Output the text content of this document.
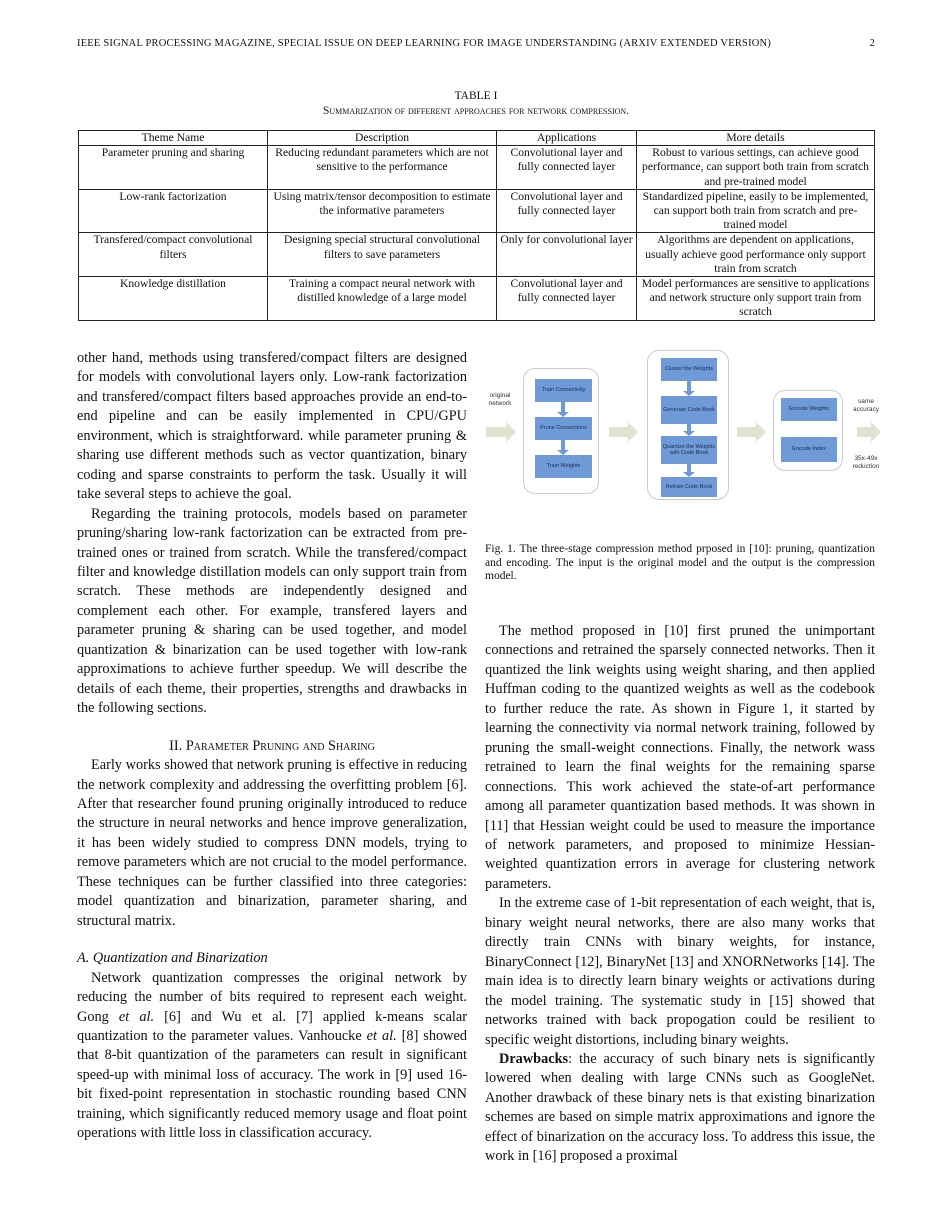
IEEE SIGNAL PROCESSING MAGAZINE, SPECIAL ISSUE ON DEEP LEARNING FOR IMAGE UNDERSTANDING (ARXIV EXTENDED VERSION)	2
TABLE I
Summarization of different approaches for network compression.
Theme Name	Description	Applications	More details
Parameter pruning and sharing	Reducing redundant parameters which are not sensitive to the performance	Convolutional layer and fully connected layer	Robust to various settings, can achieve good performance, can support both train from scratch and pre-trained model
Low-rank factorization	Using matrix/tensor decomposition to estimate the informative parameters	Convolutional layer and fully connected layer	Standardized pipeline, easily to be implemented, can support both train from scratch and pre-trained model
Transfered/compact convolutional filters	Designing special structural convolutional filters to save parameters	Only for convolutional layer	Algorithms are dependent on applications, usually achieve good performance only support train from scratch
Knowledge distillation	Training a compact neural network with distilled knowledge of a large model	Convolutional layer and fully connected layer	Model performances are sensitive to applications and network structure only support train from scratch

other hand, methods using transfered/compact filters are designed for models with convolutional layers only. Low-rank factorization and transfered/compact filters based approaches provide an end-to-end pipeline and can be easily implemented in CPU/GPU environment, which is straightforward. while parameter pruning & sharing use different methods such as vector quantization, binary coding and sparse constraints to perform the task. Usually it will take several steps to achieve the goal.

Regarding the training protocols, models based on parameter pruning/sharing low-rank factorization can be extracted from pre-trained ones or trained from scratch. While the transfered/compact filter and knowledge distillation models can only support train from scratch. These methods are independently designed and complement each other. For example, transfered layers and parameter pruning & sharing can be used together, and model quantization & binarization can be used together with low-rank approximations to achieve further speedup. We will describe the details of each theme, their properties, strengths and drawbacks in the following sections.

II. Parameter Pruning and Sharing

Early works showed that network pruning is effective in reducing the network complexity and addressing the overfitting problem [6]. After that researcher found pruning originally introduced to reduce the structure in neural networks and hence improve generalization, it has been widely studied to compress DNN models, trying to remove parameters which are not crucial to the model performance. These techniques can be further classified into three categories: model quantization and binarization, parameter sharing, and structural matrix.

A. Quantization and Binarization

Network quantization compresses the original network by reducing the number of bits required to represent each weight. Gong et al. [6] and Wu et al. [7] applied k-means scalar quantization to the parameter values. Vanhoucke et al. [8] showed that 8-bit quantization of the parameters can result in significant speed-up with minimal loss of accuracy. The work in [9] used 16-bit fixed-point representation in stochastic rounding based CNN training, which significantly reduced memory usage and float point operations with little loss in classification accuracy.

original network
Train Connectivity
Prune Connections
Train Weights
Cluster the Weights
Generate Code Book
Quantize the Weights with Code Book
Retrain Code Book
Encode Weights
Encode Index
same accuracy
35x-49x reduction
Fig. 1. The three-stage compression method prposed in [10]: pruning, quantization and encoding. The input is the original model and the output is the compression model.

The method proposed in [10] first pruned the unimportant connections and retrained the sparsely connected networks. Then it quantized the link weights using weight sharing, and then applied Huffman coding to the quantized weights as well as the codebook to further reduce the rate. As shown in Figure 1, it started by learning the connectivity via normal network training, followed by pruning the small-weight connections. Finally, the network wass retrained to learn the final weights for the remaining sparse connections. This work achieved the state-of-art performance among all parameter quantization based methods. It was shown in [11] that Hessian weight could be used to measure the importance of network parameters, and proposed to minimize Hessian-weighted quantization errors in average for clustering network parameters.

In the extreme case of 1-bit representation of each weight, that is, binary weight neural networks, there are also many works that directly train CNNs with binary weights, for instance, BinaryConnect [12], BinaryNet [13] and XNORNetworks [14]. The main idea is to directly learn binary weights or activations during the model training. The systematic study in [15] showed that networks trained with back propogation could be resilient to specific weight distortions, including binary weights.

Drawbacks: the accuracy of such binary nets is significantly lowered when dealing with large CNNs such as GoogleNet. Another drawback of these binary nets is that existing binarization schemes are based on simple matrix approximations and ignore the effect of binarization on the accuracy loss. To address this issue, the work in [16] proposed a proximal
